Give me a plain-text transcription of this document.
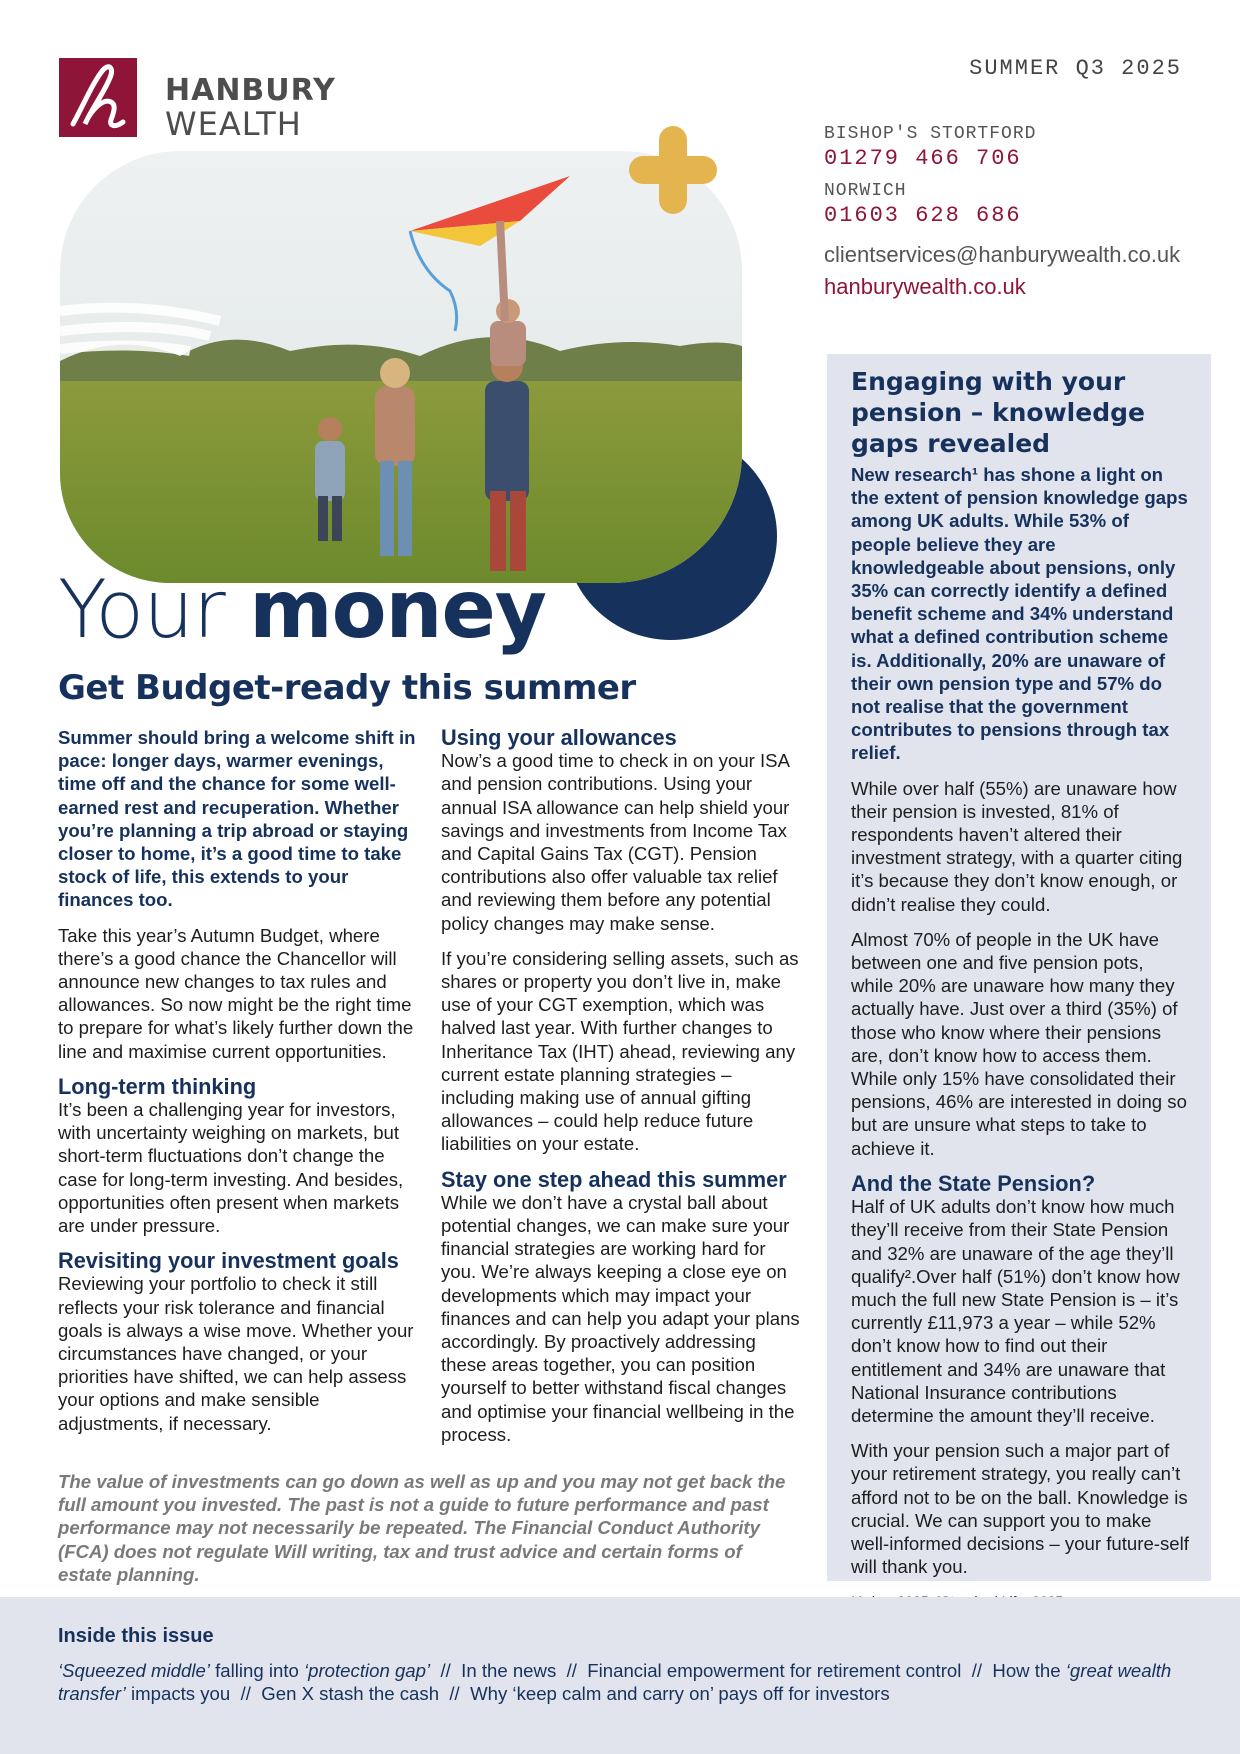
HANBURY
WEALTH
SUMMER Q3 2025
BISHOP'S STORTFORD
01279 466 706
NORWICH
01603 628 686
clientservices@hanburywealth.co.uk
hanburywealth.co.uk
Your money
Get Budget-ready this summer

Summer should bring a welcome shift in pace: longer days, warmer evenings, time off and the chance for some well-earned rest and recuperation. Whether you’re planning a trip abroad or staying closer to home, it’s a good time to take stock of life, this extends to your finances too.

Take this year’s Autumn Budget, where there’s a good chance the Chancellor will announce new changes to tax rules and allowances. So now might be the right time to prepare for what’s likely further down the line and maximise current opportunities.

Long-term thinking

It’s been a challenging year for investors, with uncertainty weighing on markets, but short-term fluctuations don’t change the case for long-term investing. And besides, opportunities often present when markets are under pressure.

Revisiting your investment goals

Reviewing your portfolio to check it still reflects your risk tolerance and financial goals is always a wise move. Whether your circumstances have changed, or your priorities have shifted, we can help assess your options and make sensible adjustments, if necessary.

Using your allowances

Now’s a good time to check in on your ISA and pension contributions. Using your annual ISA allowance can help shield your savings and investments from Income Tax and Capital Gains Tax (CGT). Pension contributions also offer valuable tax relief and reviewing them before any potential policy changes may make sense.

If you’re considering selling assets, such as shares or property you don’t live in, make use of your CGT exemption, which was halved last year. With further changes to Inheritance Tax (IHT) ahead, reviewing any current estate planning strategies – including making use of annual gifting allowances – could help reduce future liabilities on your estate.

Stay one step ahead this summer

While we don’t have a crystal ball about potential changes, we can make sure your financial strategies are working hard for you. We’re always keeping a close eye on developments which may impact your finances and can help you adapt your plans accordingly. By proactively addressing these areas together, you can position yourself to better withstand fiscal changes and optimise your financial wellbeing in the process.

The value of investments can go down as well as up and you may not get back the full amount you invested. The past is not a guide to future performance and past performance may not necessarily be repeated. The Financial Conduct Authority (FCA) does not regulate Will writing, tax and trust advice and certain forms of estate planning.
Engaging with your pension – knowledge gaps revealed

New research¹ has shone a light on the extent of pension knowledge gaps among UK adults. While 53% of people believe they are knowledgeable about pensions, only 35% can correctly identify a defined benefit scheme and 34% understand what a defined contribution scheme is. Additionally, 20% are unaware of their own pension type and 57% do not realise that the government contributes to pensions through tax relief.

While over half (55%) are unaware how their pension is invested, 81% of respondents haven’t altered their investment strategy, with a quarter citing it’s because they don’t know enough, or didn’t realise they could.

Almost 70% of people in the UK have between one and five pension pots, while 20% are unaware how many they actually have. Just over a third (35%) of those who know where their pensions are, don’t know how to access them. While only 15% have consolidated their pensions, 46% are interested in doing so but are unsure what steps to take to achieve it.

And the State Pension?

Half of UK adults don’t know how much they’ll receive from their State Pension and 32% are unaware of the age they’ll qualify².Over half (51%) don’t know how much the full new State Pension is – it’s currently £11,973 a year – while 52% don’t know how to find out their entitlement and 34% are unaware that National Insurance contributions determine the amount they’ll receive.

With your pension such a major part of your retirement strategy, you really can’t afford not to be on the ball. Knowledge is crucial. We can support you to make well-informed decisions – your future-self will thank you.

Inside this issue
‘Squeezed middle’ falling into ‘protection gap’ // In the news // Financial empowerment for retirement control // How the ‘great wealth transfer’ impacts you // Gen X stash the cash // Why ‘keep calm and carry on’ pays off for investors
